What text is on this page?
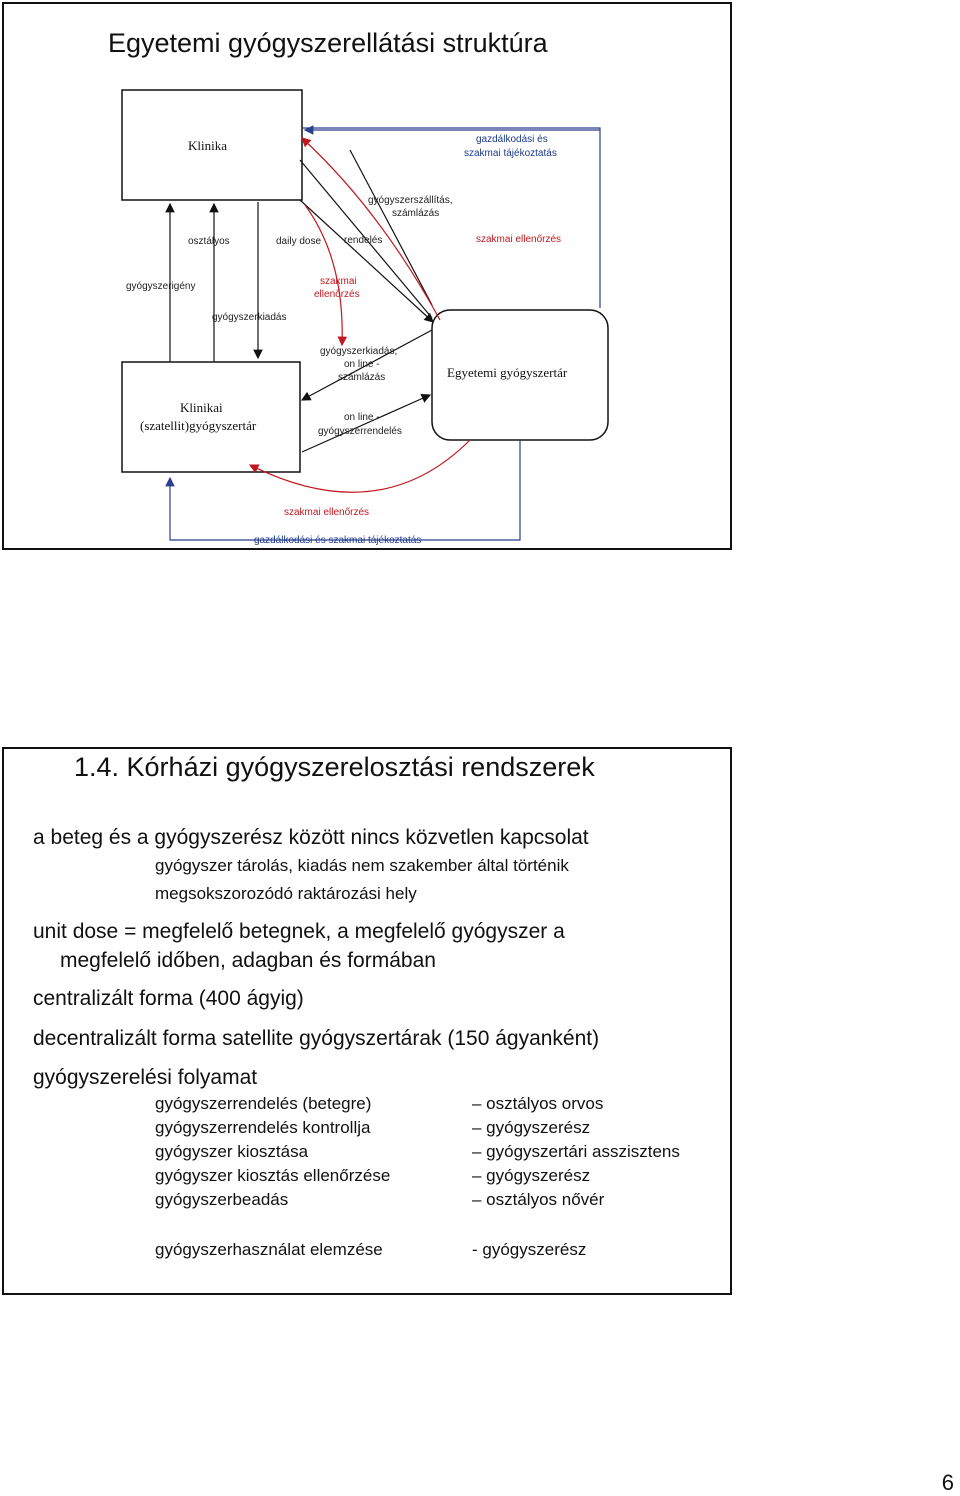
Egyetemi gyógyszerellátási struktúra
Klinika
Klinikai
(szatellit)gyógyszertár
Egyetemi gyógyszertár
gazdálkodási és
szakmai tájékoztatás
gyógyszerszállítás,
számlázás
osztályos	daily dose rendelés	szakmai ellenőrzés
gyógyszerigény	szakmai
ellenőrzés
gyógyszerkiadás
gyógyszerkiadás,
on line -
számlázás
on line -
gyógyszerrendelés
szakmai ellenőrzés
gazdálkodási és szakmai tájékoztatás
1.4. Kórházi gyógyszerelosztási rendszerek
a beteg és a gyógyszerész között nincs közvetlen kapcsolat
gyógyszer tárolás, kiadás nem szakember által történik
megsokszorozódó raktározási hely
unit dose = megfelelő betegnek, a megfelelő gyógyszer a
megfelelő időben, adagban és formában
centralizált forma (400 ágyig)
decentralizált forma satellite gyógyszertárak (150 ágyanként)
gyógyszerelési folyamat
gyógyszerrendelés (betegre)	– osztályos orvos
gyógyszerrendelés kontrollja	– gyógyszerész
gyógyszer kiosztása	– gyógyszertári asszisztens
gyógyszer kiosztás ellenőrzése	– gyógyszerész
gyógyszerbeadás	– osztályos nővér
gyógyszerhasználat elemzése	- gyógyszerész
6
